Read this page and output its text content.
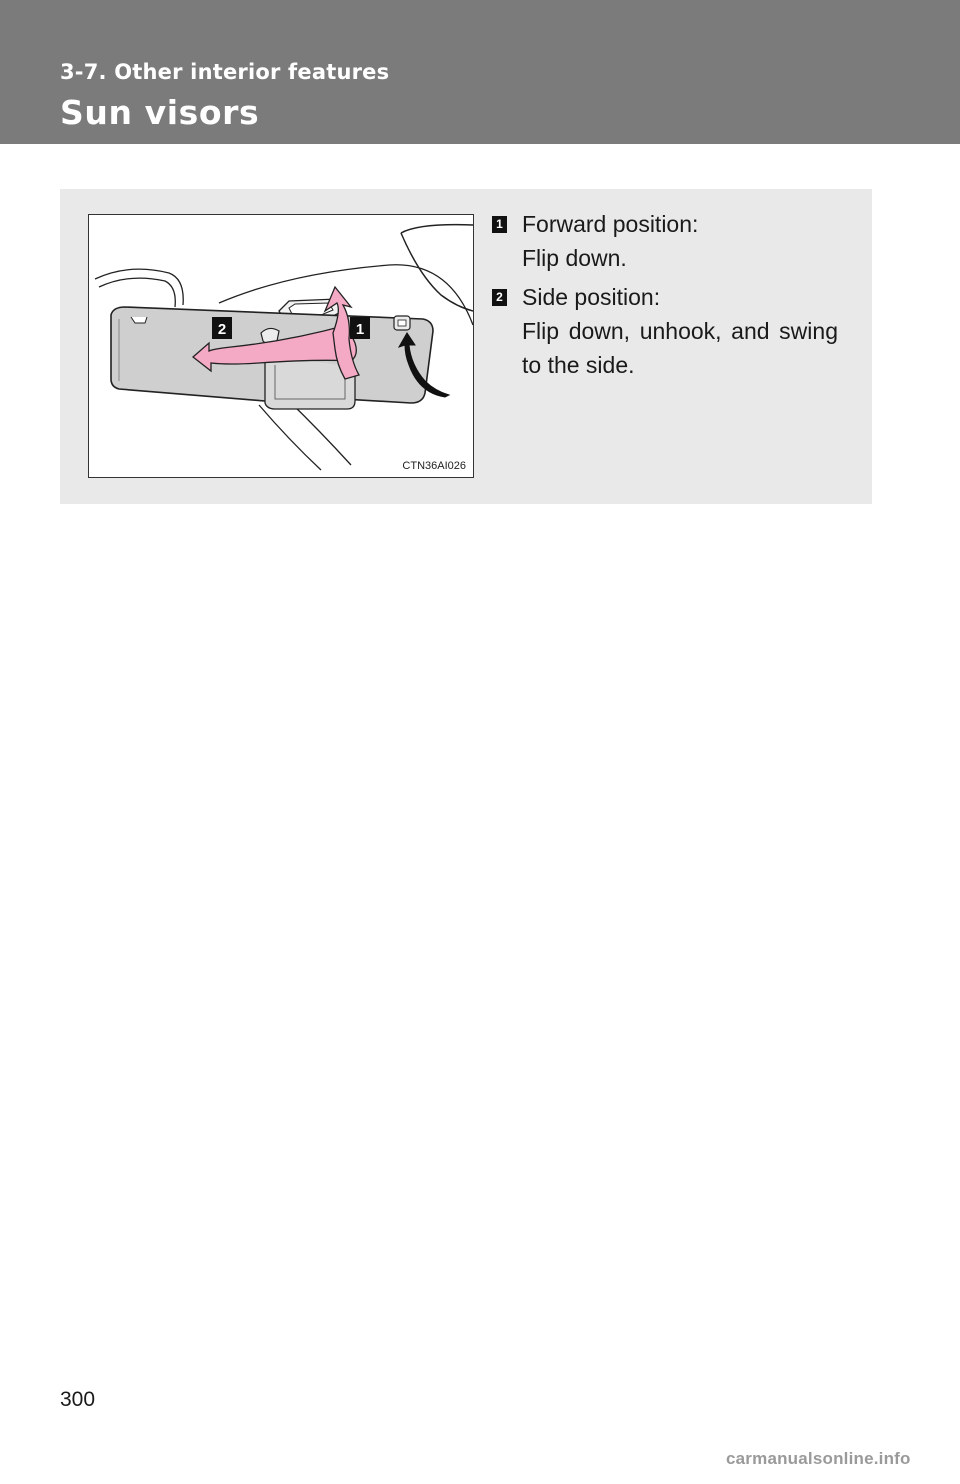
3-7. Other interior features
Sun visors
2	1
CTN36AI026
1 Forward position:
Flip down.
2 Side position:
Flip down, unhook, and swing to the side.
300
carmanualsonline.info
